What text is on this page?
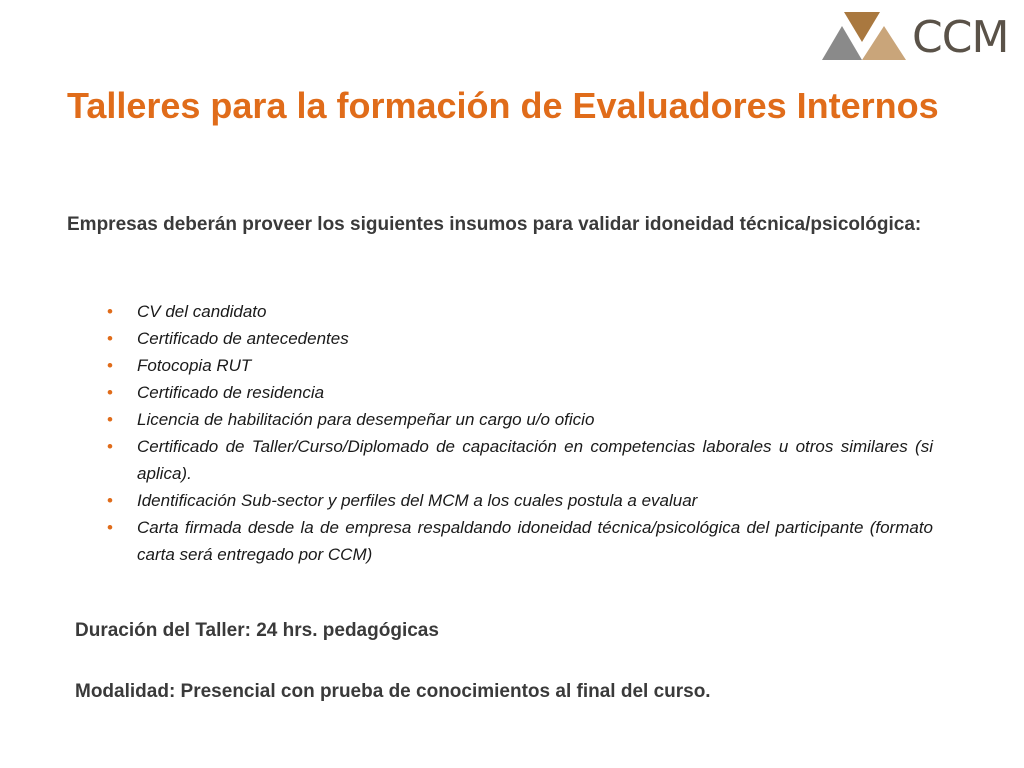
CCM
Talleres para la formación de Evaluadores Internos

Empresas deberán proveer los siguientes insumos para validar idoneidad técnica/psicológica:

• CV del candidato
• Certificado de antecedentes
• Fotocopia RUT
• Certificado de residencia
• Licencia de habilitación para desempeñar un cargo u/o oficio
• Certificado de Taller/Curso/Diplomado de capacitación en competencias laborales u otros similares (si aplica).
• Identificación Sub-sector y perfiles del MCM a los cuales postula a evaluar
• Carta firmada desde la de empresa respaldando idoneidad técnica/psicológica del participante (formato carta será entregado por CCM)

Duración del Taller: 24 hrs. pedagógicas

Modalidad: Presencial con prueba de conocimientos al final del curso.
